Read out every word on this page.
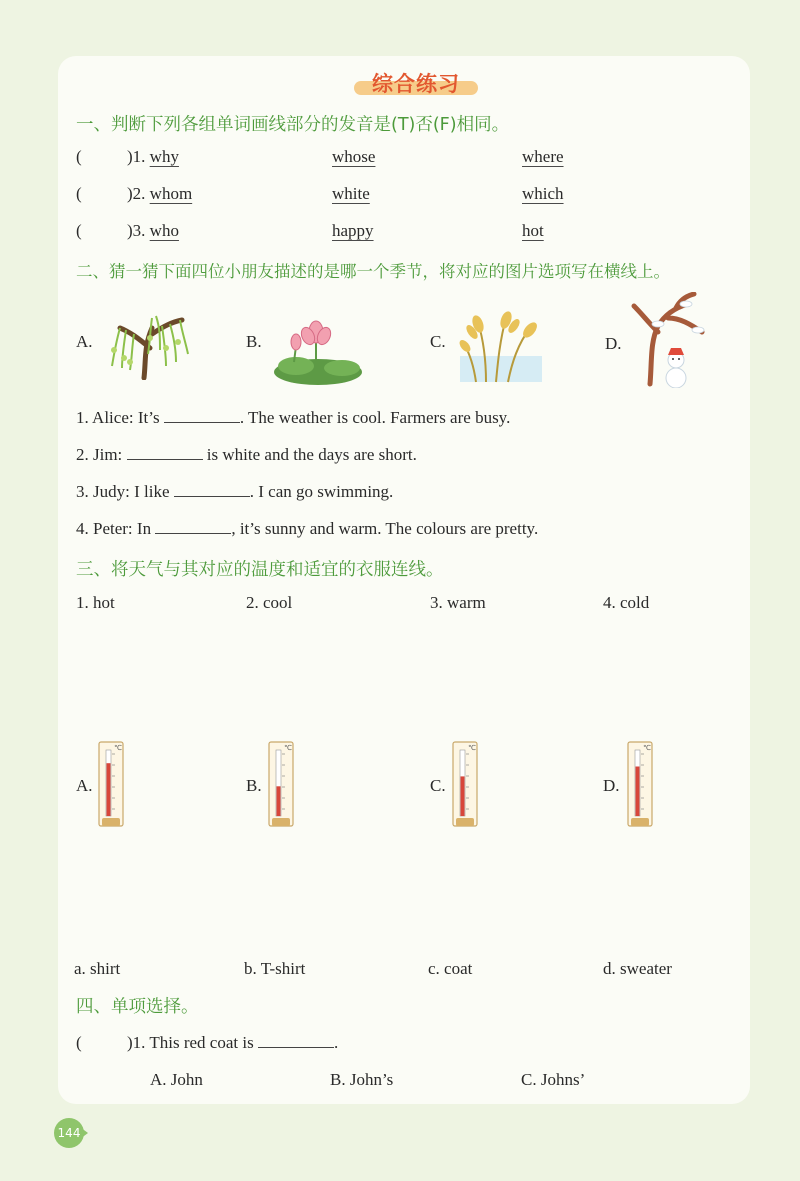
综合练习
一、判断下列各组单词画线部分的发音是(T)否(F)相同。
(	)1. why	whose	where
(	)2. whom	white	which
(	)3. who	happy	hot
二、猜一猜下面四位小朋友描述的是哪一个季节，将对应的图片选项写在横线上。
A.	B.	C.	D.
1. Alice: It’s	. The weather is cool. Farmers are busy.
2. Jim:	is white and the days are short.
3. Judy: I like	. I can go swimming.
4. Peter: In	, it’s sunny and warm. The colours are pretty.
三、将天气与其对应的温度和适宜的衣服连线。
1. hot	2. cool	3. warm	4. cold
A.	B.	C.	D.
℃	℃	℃	℃
a. shirt	b. T-shirt	c. coat	d. sweater
四、单项选择。
(	)1. This red coat is	.
A. John	B. John’s	C. Johns’
144
